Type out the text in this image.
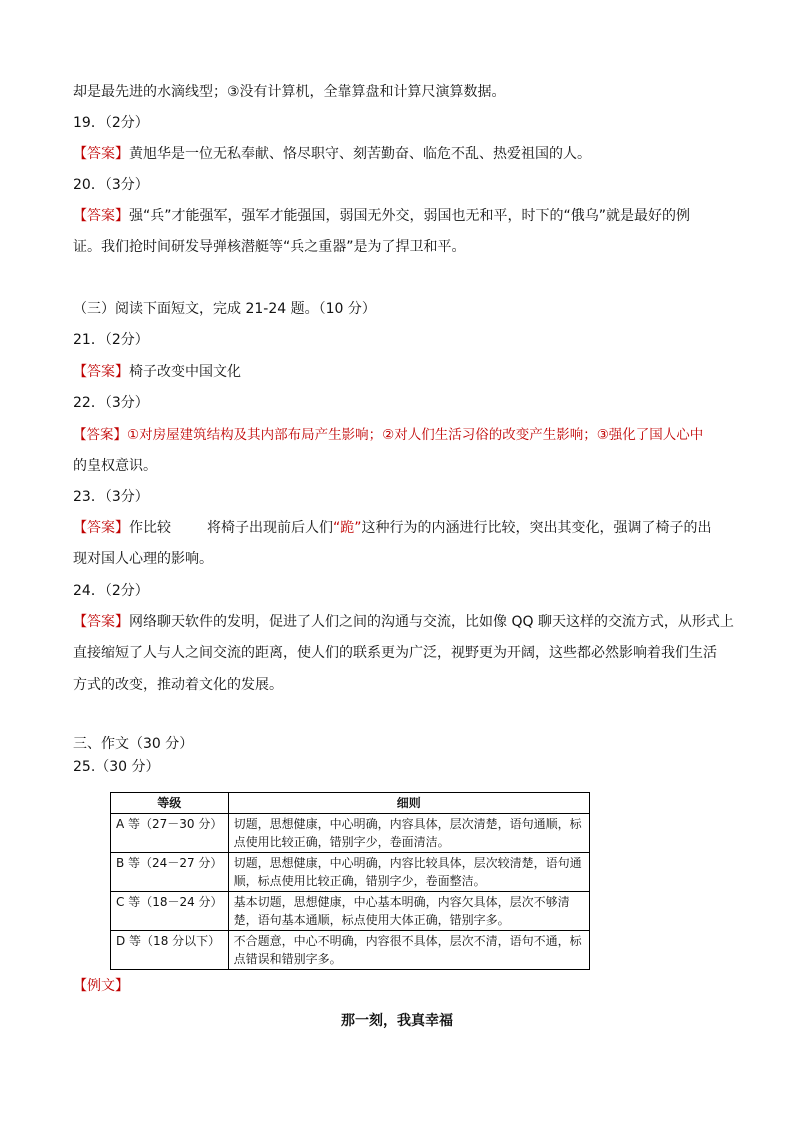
却是最先进的水滴线型；③没有计算机，全靠算盘和计算尺演算数据。
19．（2分）
【答案】黄旭华是一位无私奉献、恪尽职守、刻苦勤奋、临危不乱、热爱祖国的人。
20．（3分）
【答案】强“兵”才能强军，强军才能强国，弱国无外交，弱国也无和平，时下的“俄乌”就是最好的例
证。我们抢时间研发导弹核潜艇等“兵之重器”是为了捍卫和平。
（三）阅读下面短文，完成 21-24 题。（10 分）
21．（2分）
【答案】椅子改变中国文化
22．（3分）
【答案】①对房屋建筑结构及其内部布局产生影响；②对人们生活习俗的改变产生影响；③强化了国人心中
的皇权意识。
23．（3分）
【答案】作比较	将椅子出现前后人们“跪”这种行为的内涵进行比较，突出其变化，强调了椅子的出
现对国人心理的影响。
24．（2分）
【答案】网络聊天软件的发明，促进了人们之间的沟通与交流，比如像 QQ 聊天这样的交流方式，从形式上
直接缩短了人与人之间交流的距离，使人们的联系更为广泛，视野更为开阔，这些都必然影响着我们生活
方式的改变，推动着文化的发展。
三、作文（30 分）
25.（30 分）
等级	细则
A 等（27－30 分）	切题，思想健康，中心明确，内容具体，层次清楚，语句通顺，标点使用比较正确，错别字少，卷面清洁。
B 等（24－27 分）	切题，思想健康，中心明确，内容比较具体，层次较清楚，语句通顺，标点使用比较正确，错别字少，卷面整洁。
C 等（18－24 分）	基本切题，思想健康，中心基本明确，内容欠具体，层次不够清楚，语句基本通顺，标点使用大体正确，错别字多。
D 等（18 分以下）	不合题意，中心不明确，内容很不具体，层次不清，语句不通，标点错误和错别字多。
【例文】
那一刻，我真幸福
